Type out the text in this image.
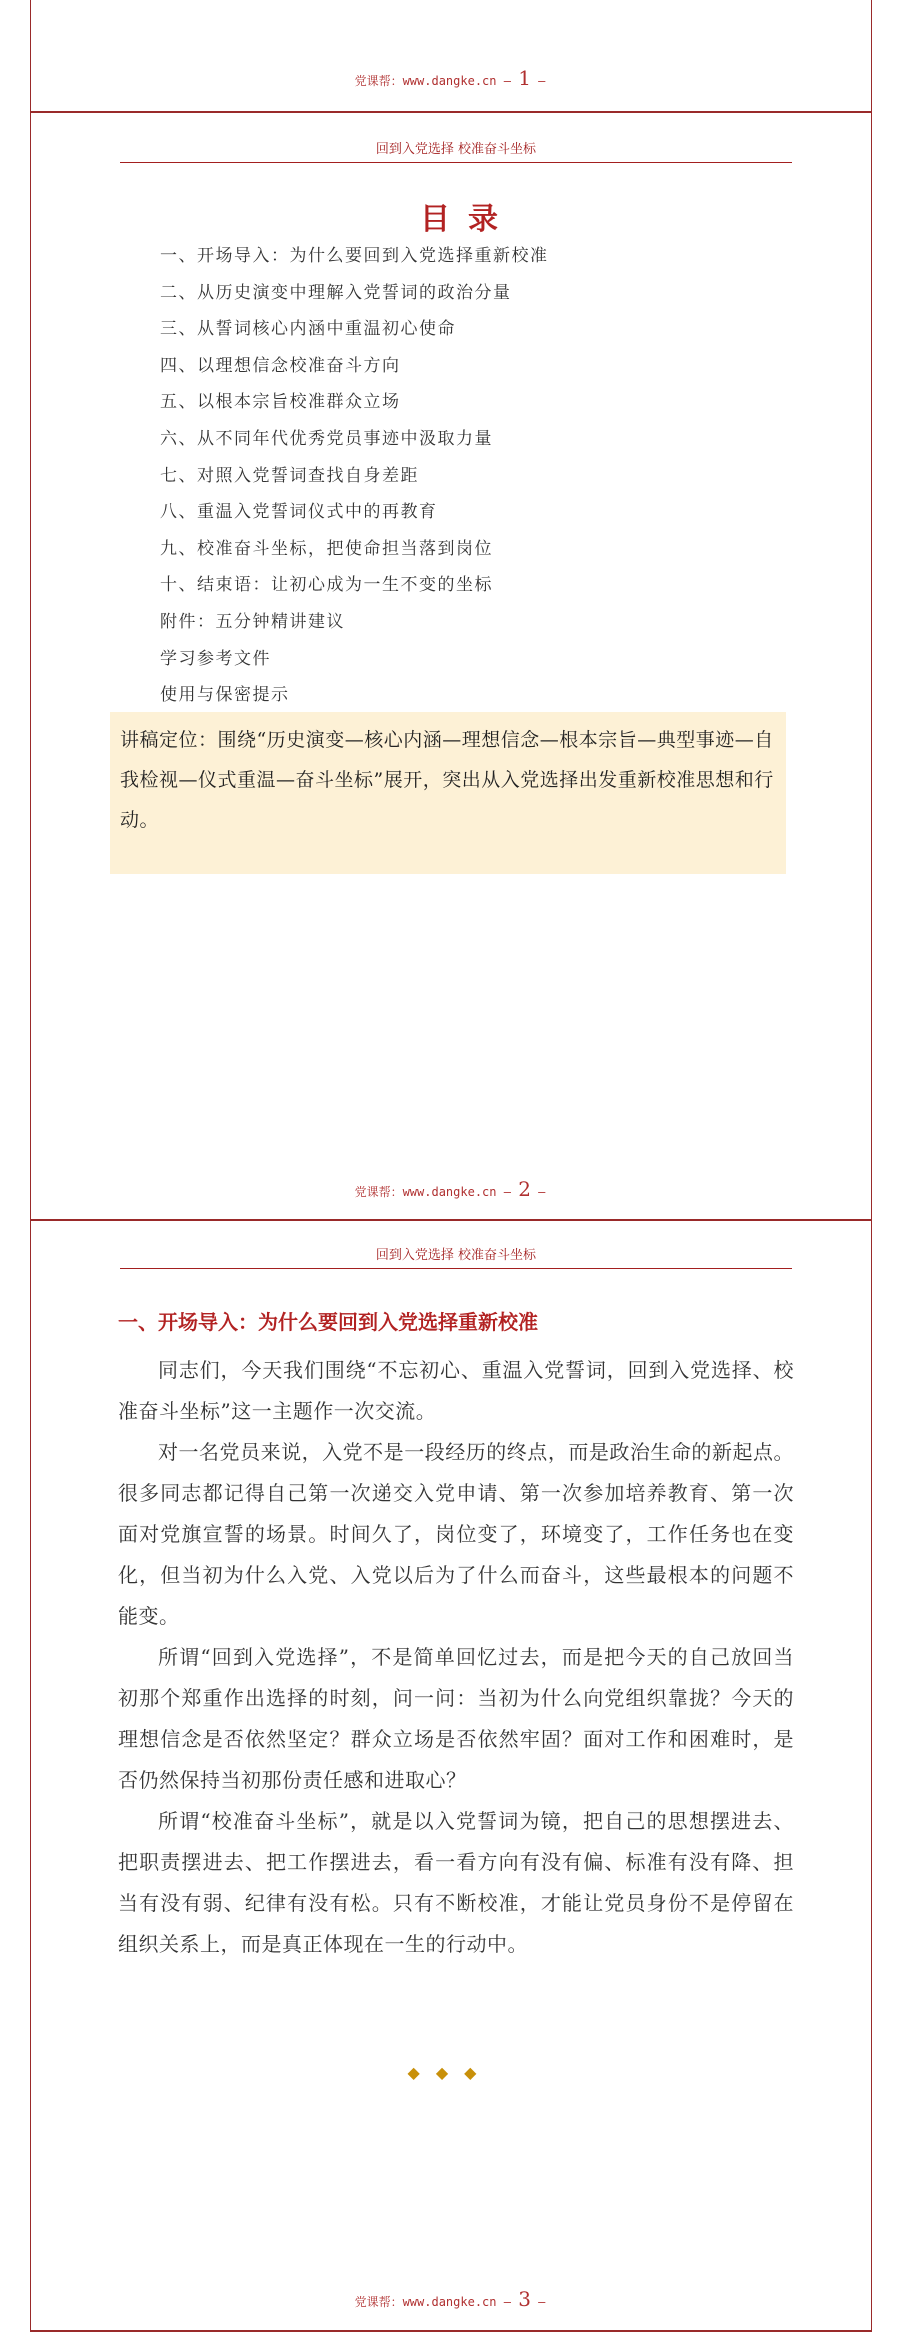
党课帮：www.dangke.cn — 1 —
回到入党选择 校准奋斗坐标
目录
一、开场导入：为什么要回到入党选择重新校准
二、从历史演变中理解入党誓词的政治分量
三、从誓词核心内涵中重温初心使命
四、以理想信念校准奋斗方向
五、以根本宗旨校准群众立场
六、从不同年代优秀党员事迹中汲取力量
七、对照入党誓词查找自身差距
八、重温入党誓词仪式中的再教育
九、校准奋斗坐标，把使命担当落到岗位
十、结束语：让初心成为一生不变的坐标
附件：五分钟精讲建议
学习参考文件
使用与保密提示
讲稿定位：围绕“历史演变—核心内涵—理想信念—根本宗旨—典型事迹—自我检视—仪式重温—奋斗坐标”展开，突出从入党选择出发重新校准思想和行动。
党课帮：www.dangke.cn — 2 —
回到入党选择 校准奋斗坐标
一、开场导入：为什么要回到入党选择重新校准

同志们，今天我们围绕“不忘初心、重温入党誓词，回到入党选择、校准奋斗坐标”这一主题作一次交流。

对一名党员来说，入党不是一段经历的终点，而是政治生命的新起点。很多同志都记得自己第一次递交入党申请、第一次参加培养教育、第一次面对党旗宣誓的场景。时间久了，岗位变了，环境变了，工作任务也在变化，但当初为什么入党、入党以后为了什么而奋斗，这些最根本的问题不能变。

所谓“回到入党选择”，不是简单回忆过去，而是把今天的自己放回当初那个郑重作出选择的时刻，问一问：当初为什么向党组织靠拢？今天的理想信念是否依然坚定？群众立场是否依然牢固？面对工作和困难时，是否仍然保持当初那份责任感和进取心？

所谓“校准奋斗坐标”，就是以入党誓词为镜，把自己的思想摆进去、把职责摆进去、把工作摆进去，看一看方向有没有偏、标准有没有降、担当有没有弱、纪律有没有松。只有不断校准，才能让党员身份不是停留在组织关系上，而是真正体现在一生的行动中。

◆◆◆
党课帮：www.dangke.cn — 3 —
